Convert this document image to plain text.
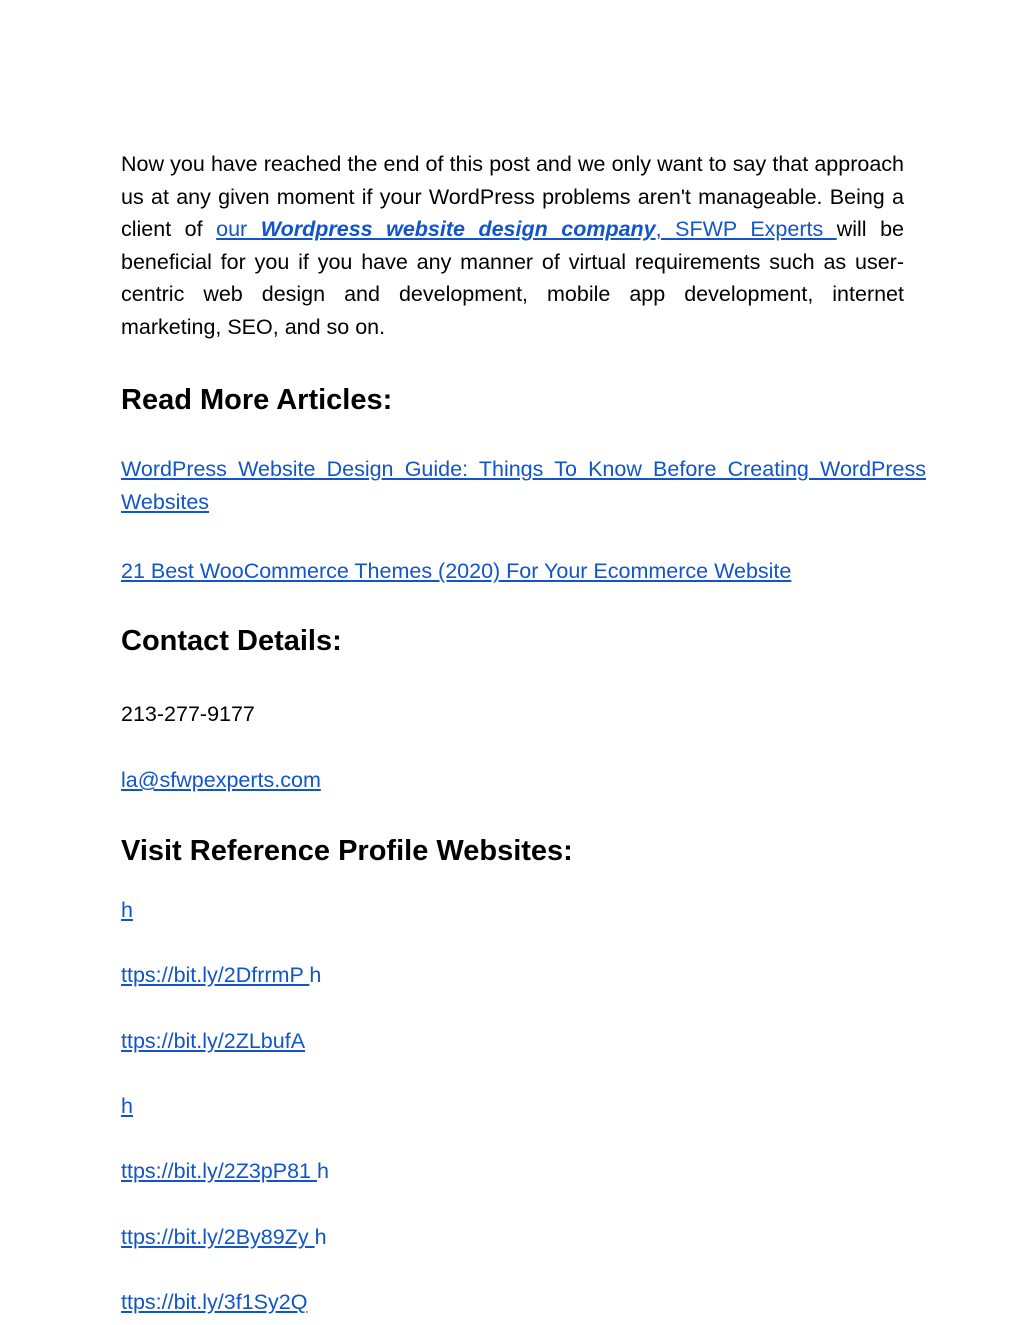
Now you have reached the end of this post and we only want to say that approach us at any given moment if your WordPress problems aren't manageable. Being a client of our Wordpress website design company, SFWP Experts will be beneficial for you if you have any manner of virtual requirements such as user-centric web design and development, mobile app development, internet marketing, SEO, and so on.

Read More Articles:

WordPress Website Design Guide: Things To Know Before Creating WordPress Websites

21 Best WooCommerce Themes (2020) For Your Ecommerce Website

Contact Details:

213-277-9177

la@sfwpexperts.com

Visit Reference Profile Websites:

h

ttps://bit.ly/2DfrrmP h

ttps://bit.ly/2ZLbufA

h

ttps://bit.ly/2Z3pP81 h

ttps://bit.ly/2By89Zy h

ttps://bit.ly/3f1Sy2Q
